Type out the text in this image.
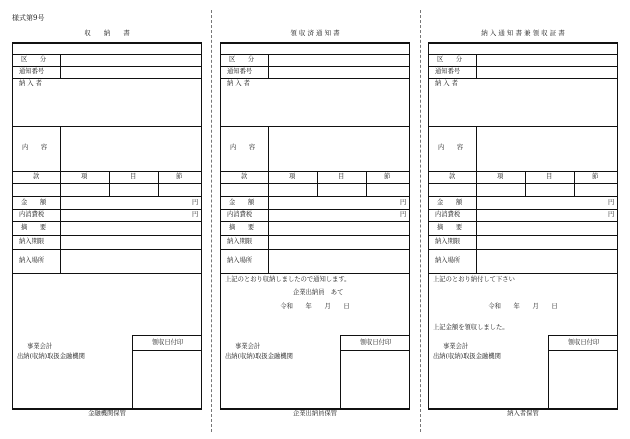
様式第9号
収　　納　　書
区　　分
通知番号
納 入 者
内　　容
款	項	目	節
金　　額	円
内消費税	円
摘　　要
納入期限
納入場所
事業会計
出納(収納)取扱金融機関
領収日付印
金融機関保管
領 収 済 通 知 書
区　　分
通知番号
納 入 者
内　　容
款	項	目	節
金　　額	円
内消費税	円
摘　　要
納入期限
納入場所
上記のとおり収納しましたので通知します。
企業出納員　あて
令和　　年　　月　　日
事業会計
出納(収納)取扱金融機関
領収日付印
企業出納員保管
納 入 通 知 書 兼 領 収 証 書
区　　分
通知番号
納 入 者
内　　容
款	項	目	節
金　　額	円
内消費税	円
摘　　要
納入期限
納入場所
上記のとおり納付して下さい
令和　　年　　月　　日
上記金額を領収しました。
事業会計
出納(収納)取扱金融機関
領収日付印
納入者保管
